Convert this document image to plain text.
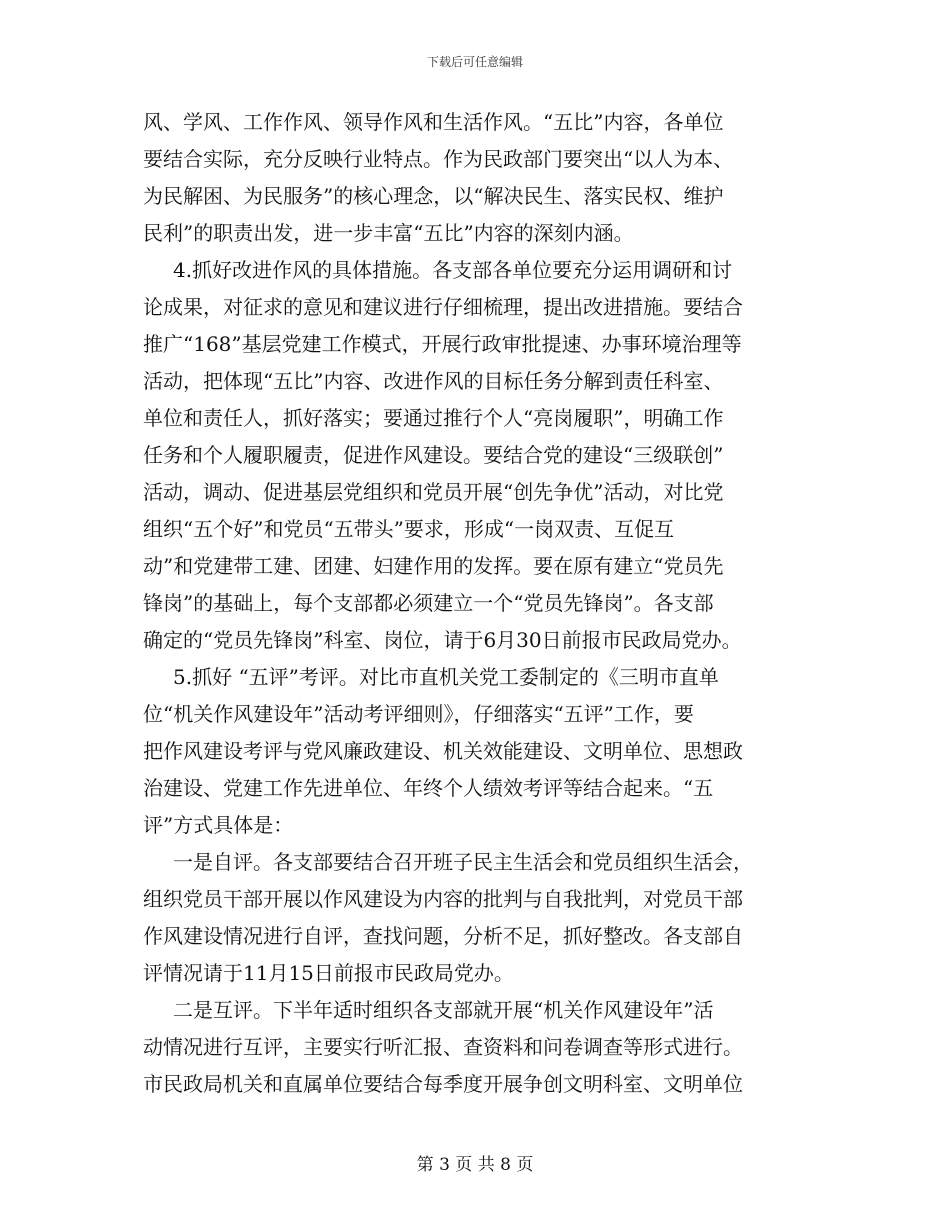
下载后可任意编辑
风、学风、工作作风、领导作风和生活作风。“五比”内容，各单位
要结合实际，充分反映行业特点。作为民政部门要突出“以人为本、
为民解困、为民服务”的核心理念，以“解决民生、落实民权、维护
民利”的职责出发，进一步丰富“五比”内容的深刻内涵。
4.抓好改进作风的具体措施。各支部各单位要充分运用调研和讨
论成果，对征求的意见和建议进行仔细梳理，提出改进措施。要结合
推广“168”基层党建工作模式，开展行政审批提速、办事环境治理等
活动，把体现“五比”内容、改进作风的目标任务分解到责任科室、
单位和责任人，抓好落实；要通过推行个人“亮岗履职”，明确工作
任务和个人履职履责，促进作风建设。要结合党的建设“三级联创”
活动，调动、促进基层党组织和党员开展“创先争优”活动，对比党
组织“五个好”和党员“五带头”要求，形成“一岗双责、互促互
动”和党建带工建、团建、妇建作用的发挥。要在原有建立“党员先
锋岗”的基础上，每个支部都必须建立一个“党员先锋岗”。各支部
确定的“党员先锋岗”科室、岗位，请于6月30日前报市民政局党办。
5.抓好 “五评”考评。对比市直机关党工委制定的《三明市直单
位“机关作风建设年”活动考评细则》，仔细落实“五评”工作，要
把作风建设考评与党风廉政建设、机关效能建设、文明单位、思想政
治建设、党建工作先进单位、年终个人绩效考评等结合起来。“五
评”方式具体是：
一是自评。各支部要结合召开班子民主生活会和党员组织生活会，
组织党员干部开展以作风建设为内容的批判与自我批判，对党员干部
作风建设情况进行自评，查找问题，分析不足，抓好整改。各支部自
评情况请于11月15日前报市民政局党办。
二是互评。下半年适时组织各支部就开展“机关作风建设年”活
动情况进行互评，主要实行听汇报、查资料和问卷调查等形式进行。
市民政局机关和直属单位要结合每季度开展争创文明科室、文明单位
第 3 页 共 8 页
